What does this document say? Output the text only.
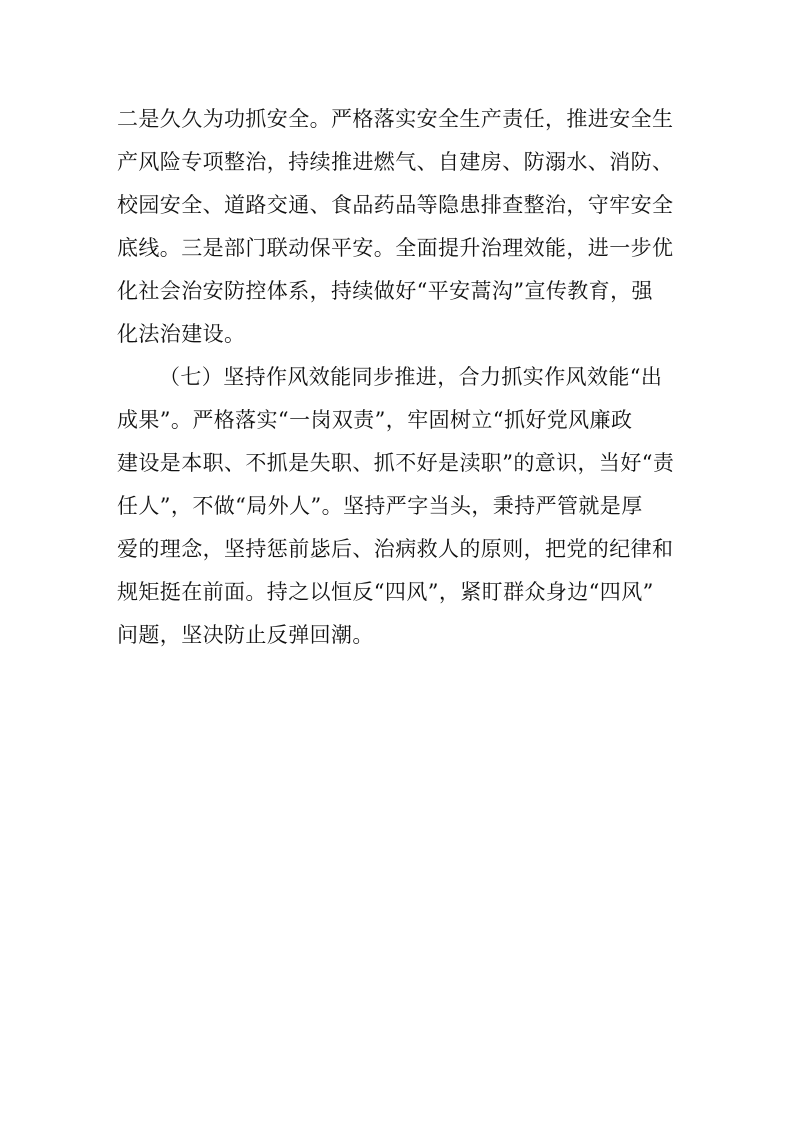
二是久久为功抓安全。严格落实安全生产责任，推进安全生
产风险专项整治，持续推进燃气、自建房、防溺水、消防、
校园安全、道路交通、食品药品等隐患排查整治，守牢安全
底线。三是部门联动保平安。全面提升治理效能，进一步优
化社会治安防控体系，持续做好“平安蒿沟”宣传教育，强
化法治建设。
（七）坚持作风效能同步推进，合力抓实作风效能“出
成果”。严格落实“一岗双责”，牢固树立“抓好党风廉政
建设是本职、不抓是失职、抓不好是渎职”的意识，当好“责
任人”，不做“局外人”。坚持严字当头，秉持严管就是厚
爱的理念，坚持惩前毖后、治病救人的原则，把党的纪律和
规矩挺在前面。持之以恒反“四风”，紧盯群众身边“四风”
问题，坚决防止反弹回潮。
